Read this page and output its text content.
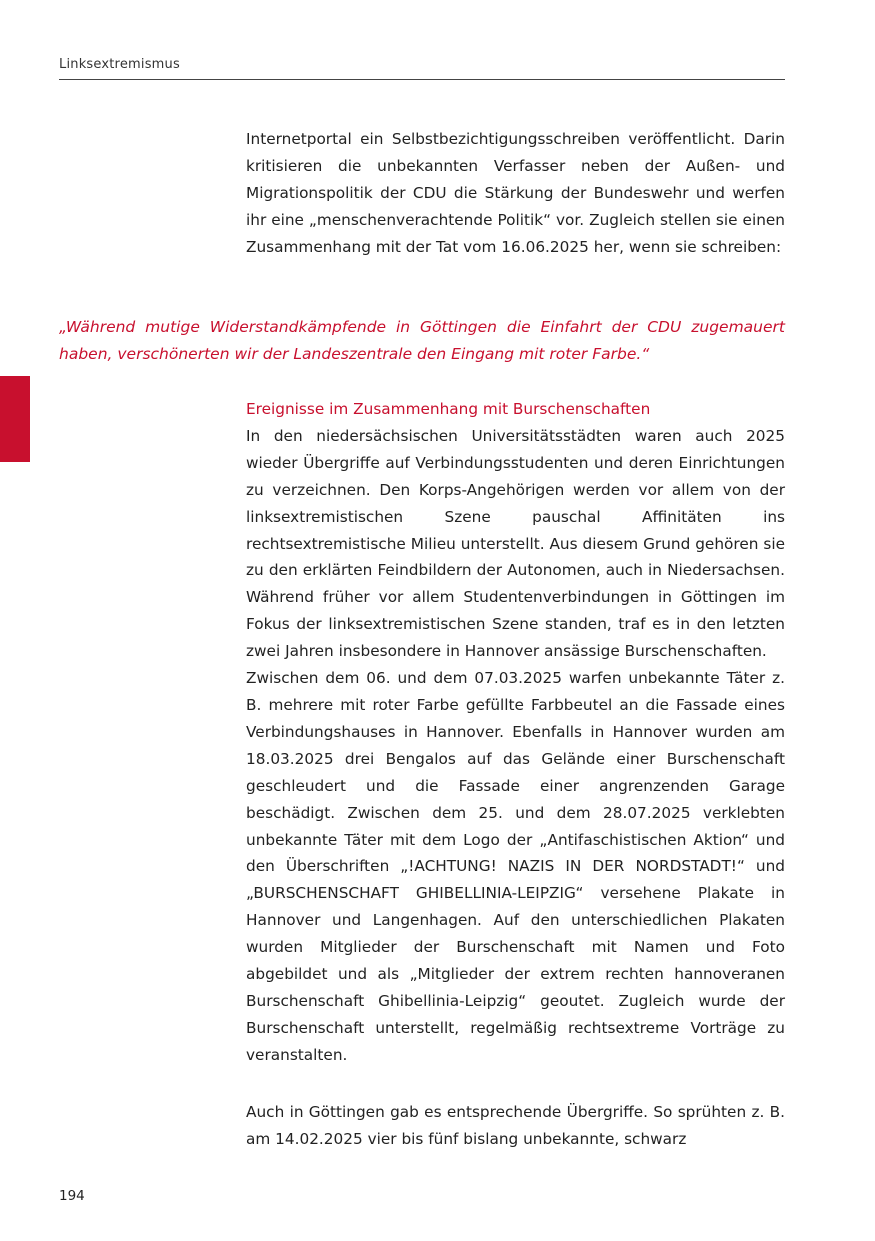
Linksextremismus

Internetportal ein Selbstbezichtigungsschreiben veröffentlicht. Darin kritisieren die unbekannten Verfasser neben der Außen- und Migrationspolitik der CDU die Stärkung der Bundeswehr und werfen ihr eine „menschenverachtende Politik“ vor. Zugleich stellen sie einen Zusammenhang mit der Tat vom 16.06.2025 her, wenn sie schreiben:

„Während mutige Widerstandkämpfende in Göttingen die Einfahrt der CDU zugemauert haben, verschönerten wir der Landeszentrale den Eingang mit roter Farbe.“

Ereignisse im Zusammenhang mit Burschenschaften

In den niedersächsischen Universitätsstädten waren auch 2025 wieder Übergriffe auf Verbindungsstudenten und deren Einrichtungen zu verzeichnen. Den Korps-Angehörigen werden vor allem von der linksextremistischen Szene pauschal Affinitäten ins rechtsextremistische Milieu unterstellt. Aus diesem Grund gehören sie zu den erklärten Feindbildern der Autonomen, auch in Niedersachsen. Während früher vor allem Studentenverbindungen in Göttingen im Fokus der linksextremistischen Szene standen, traf es in den letzten zwei Jahren insbesondere in Hannover ansässige Burschenschaften.

Zwischen dem 06. und dem 07.03.2025 warfen unbekannte Täter z. B. mehrere mit roter Farbe gefüllte Farbbeutel an die Fassade eines Verbindungshauses in Hannover. Ebenfalls in Hannover wurden am 18.03.2025 drei Bengalos auf das Gelände einer Burschenschaft geschleudert und die Fassade einer angrenzenden Garage beschädigt. Zwischen dem 25. und dem 28.07.2025 verklebten unbekannte Täter mit dem Logo der „Antifaschistischen Aktion“ und den Überschriften „!ACHTUNG! NAZIS IN DER NORDSTADT!“ und „BURSCHENSCHAFT GHIBELLINIA-LEIPZIG“ versehene Plakate in Hannover und Langenhagen. Auf den unterschiedlichen Plakaten wurden Mitglieder der Burschenschaft mit Namen und Foto abgebildet und als „Mitglieder der extrem rechten hannoveranen Burschenschaft Ghibellinia-Leipzig“ geoutet. Zugleich wurde der Burschenschaft unterstellt, regelmäßig rechtsextreme Vorträge zu veranstalten.

Auch in Göttingen gab es entsprechende Übergriffe. So sprühten z. B. am 14.02.2025 vier bis fünf bislang unbekannte, schwarz

194
